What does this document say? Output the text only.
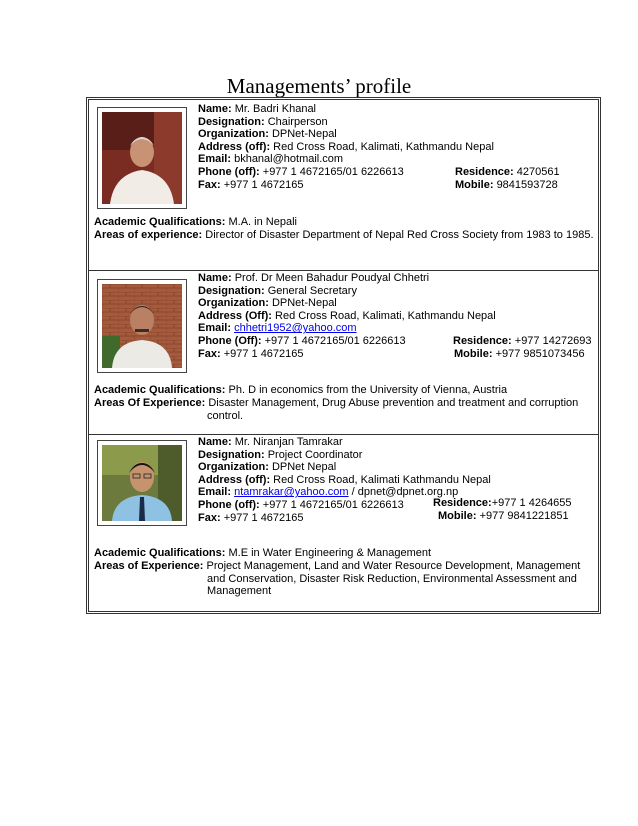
Managements’ profile
Name: Mr. Badri Khanal
Designation: Chairperson
Organization: DPNet-Nepal
Address (off): Red Cross Road, Kalimati, Kathmandu Nepal
Email: bkhanal@hotmail.com
Phone (off): +977 1 4672165/01 6226613
Fax: +977 1 4672165
Residence: 4270561
Mobile: 9841593728
Academic Qualifications: M.A. in Nepali
Areas of experience: Director of Disaster Department of Nepal Red Cross Society from 1983 to 1985.
Name: Prof. Dr Meen Bahadur Poudyal Chhetri
Designation: General Secretary
Organization: DPNet-Nepal
Address (Off): Red Cross Road, Kalimati, Kathmandu Nepal
Email: chhetri1952@yahoo.com
Phone (Off): +977 1 4672165/01 6226613
Fax: +977 1 4672165
Residence: +977 14272693
Mobile: +977 9851073456
Academic Qualifications: Ph. D in economics from the University of Vienna, Austria
Areas Of Experience: Disaster Management, Drug Abuse prevention and treatment and corruption
control.
Name: Mr. Niranjan Tamrakar
Designation: Project Coordinator
Organization: DPNet Nepal
Address (off): Red Cross Road, Kalimati Kathmandu Nepal
Email: ntamrakar@yahoo.com / dpnet@dpnet.org.np
Phone (off): +977 1 4672165/01 6226613
Fax: +977 1 4672165
Residence:+977 1 4264655
Mobile: +977 9841221851
Academic Qualifications: M.E in Water Engineering & Management
Areas of Experience: Project Management, Land and Water Resource Development, Management
and Conservation, Disaster Risk Reduction, Environmental Assessment and
Management
